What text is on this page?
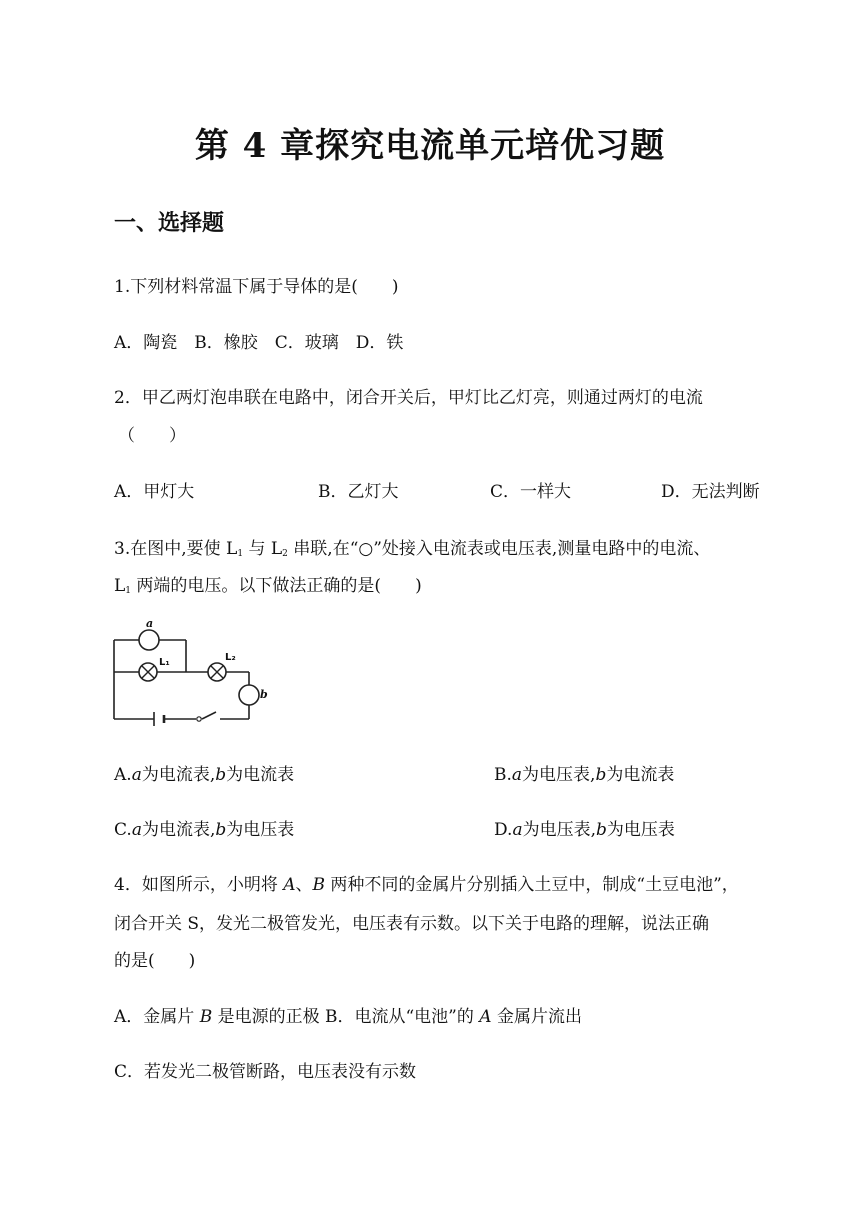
第 4 章探究电流单元培优习题
一、选择题
1.下列材料常温下属于导体的是(　　)
A．陶瓷　B．橡胶　C．玻璃　D．铁
2．甲乙两灯泡串联在电路中，闭合开关后，甲灯比乙灯亮，则通过两灯的电流
（　　）
A．甲灯大	B．乙灯大	C．一样大	D．无法判断
3.在图中,要使 $L_1$ 与 $L_2$ 串联,在“○”处接入电流表或电压表,测量电路中的电流、
$L_1$ 两端的电压。以下做法正确的是(　　)
a
b
L₁	L₂
A.a为电流表,b为电流表	B.a为电压表,b为电流表
C.a为电流表,b为电压表	D.a为电压表,b为电压表
4．如图所示，小明将 A、B 两种不同的金属片分别插入土豆中，制成“土豆电池”，
闭合开关 S，发光二极管发光，电压表有示数。以下关于电路的理解，说法正确
的是(　　)
A．金属片 B 是电源的正极 B．电流从“电池”的 A 金属片流出
C．若发光二极管断路，电压表没有示数
